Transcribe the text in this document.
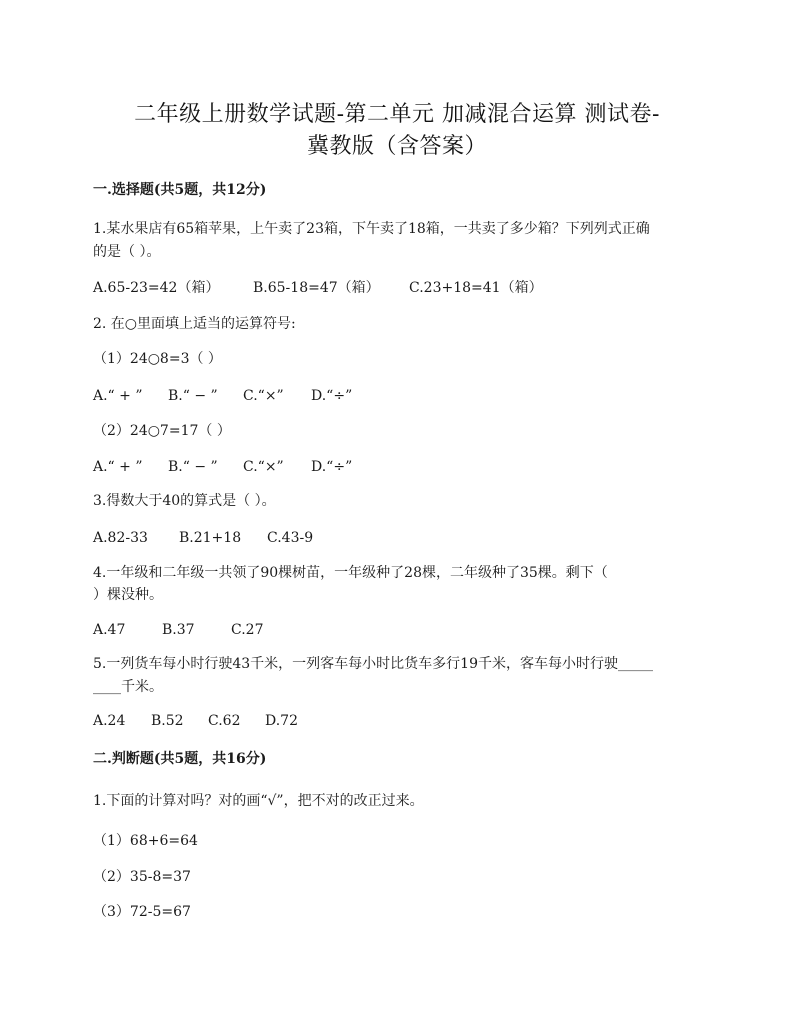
二年级上册数学试题-第二单元 加减混合运算 测试卷-
冀教版（含答案）
一.选择题(共5题，共12分)
1.某水果店有65箱苹果，上午卖了23箱，下午卖了18箱，一共卖了多少箱？下列列式正确
的是（ ）。
A.65-23=42（箱） B.65-18=47（箱） C.23+18=41（箱）
2. 在○里面填上适当的运算符号:
（1）24○8=3（ ）
A.“ + ” B.“ − ” C.“×” D.“÷”
（2）24○7=17（ ）
A.“ + ” B.“ − ” C.“×” D.“÷”
3.得数大于40的算式是（ ）。
A.82-33 B.21+18 C.43-9
4.一年级和二年级一共领了90棵树苗，一年级种了28棵，二年级种了35棵。剩下（
）棵没种。
A.47	B.37	C.27
5.一列货车每小时行驶43千米，一列客车每小时比货车多行19千米，客车每小时行驶_____
____千米。
A.24 B.52 C.62 D.72
二.判断题(共5题，共16分)
1.下面的计算对吗？对的画“√”，把不对的改正过来。
（1）68+6=64
（2）35-8=37
（3）72-5=67
